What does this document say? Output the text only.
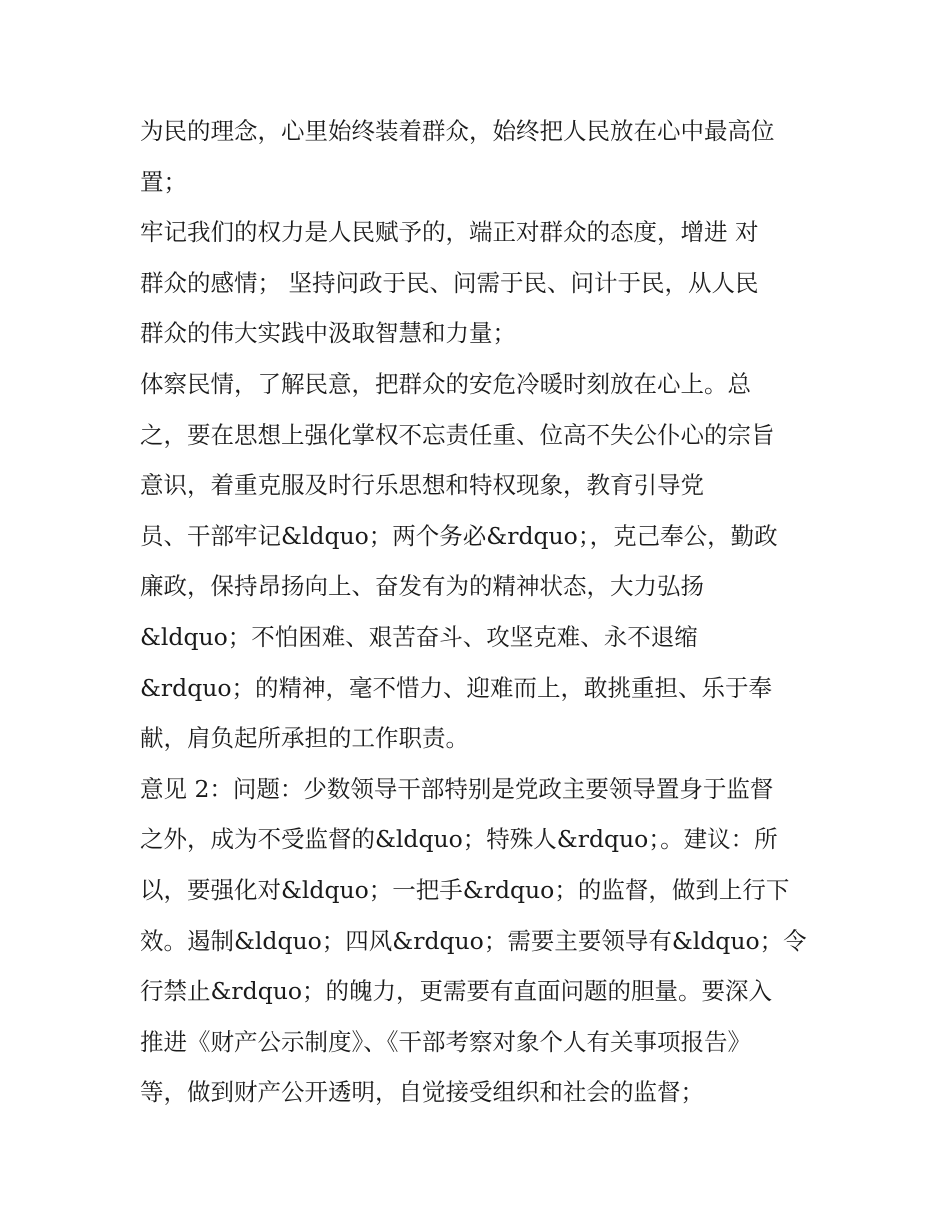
为民的理念，心里始终装着群众，始终把人民放在心中最高位

置；

牢记我们的权力是人民赋予的，端正对群众的态度，增进 对

群众的感情； 坚持问政于民、问需于民、问计于民，从人民

群众的伟大实践中汲取智慧和力量；

体察民情，了解民意，把群众的安危冷暖时刻放在心上。总

之，要在思想上强化掌权不忘责任重、位高不失公仆心的宗旨

意识，着重克服及时行乐思想和特权现象，教育引导党

员、干部牢记&ldquo；两个务必&rdquo；，克己奉公，勤政

廉政，保持昂扬向上、奋发有为的精神状态，大力弘扬

&ldquo；不怕困难、艰苦奋斗、攻坚克难、永不退缩

&rdquo；的精神，毫不惜力、迎难而上，敢挑重担、乐于奉

献，肩负起所承担的工作职责。

意见 2：问题：少数领导干部特别是党政主要领导置身于监督

之外，成为不受监督的&ldquo；特殊人&rdquo；。建议：所

以，要强化对&ldquo；一把手&rdquo；的监督，做到上行下

效。遏制&ldquo；四风&rdquo；需要主要领导有&ldquo；令

行禁止&rdquo；的魄力，更需要有直面问题的胆量。要深入

推进《财产公示制度》、《干部考察对象个人有关事项报告》

等，做到财产公开透明，自觉接受组织和社会的监督；
